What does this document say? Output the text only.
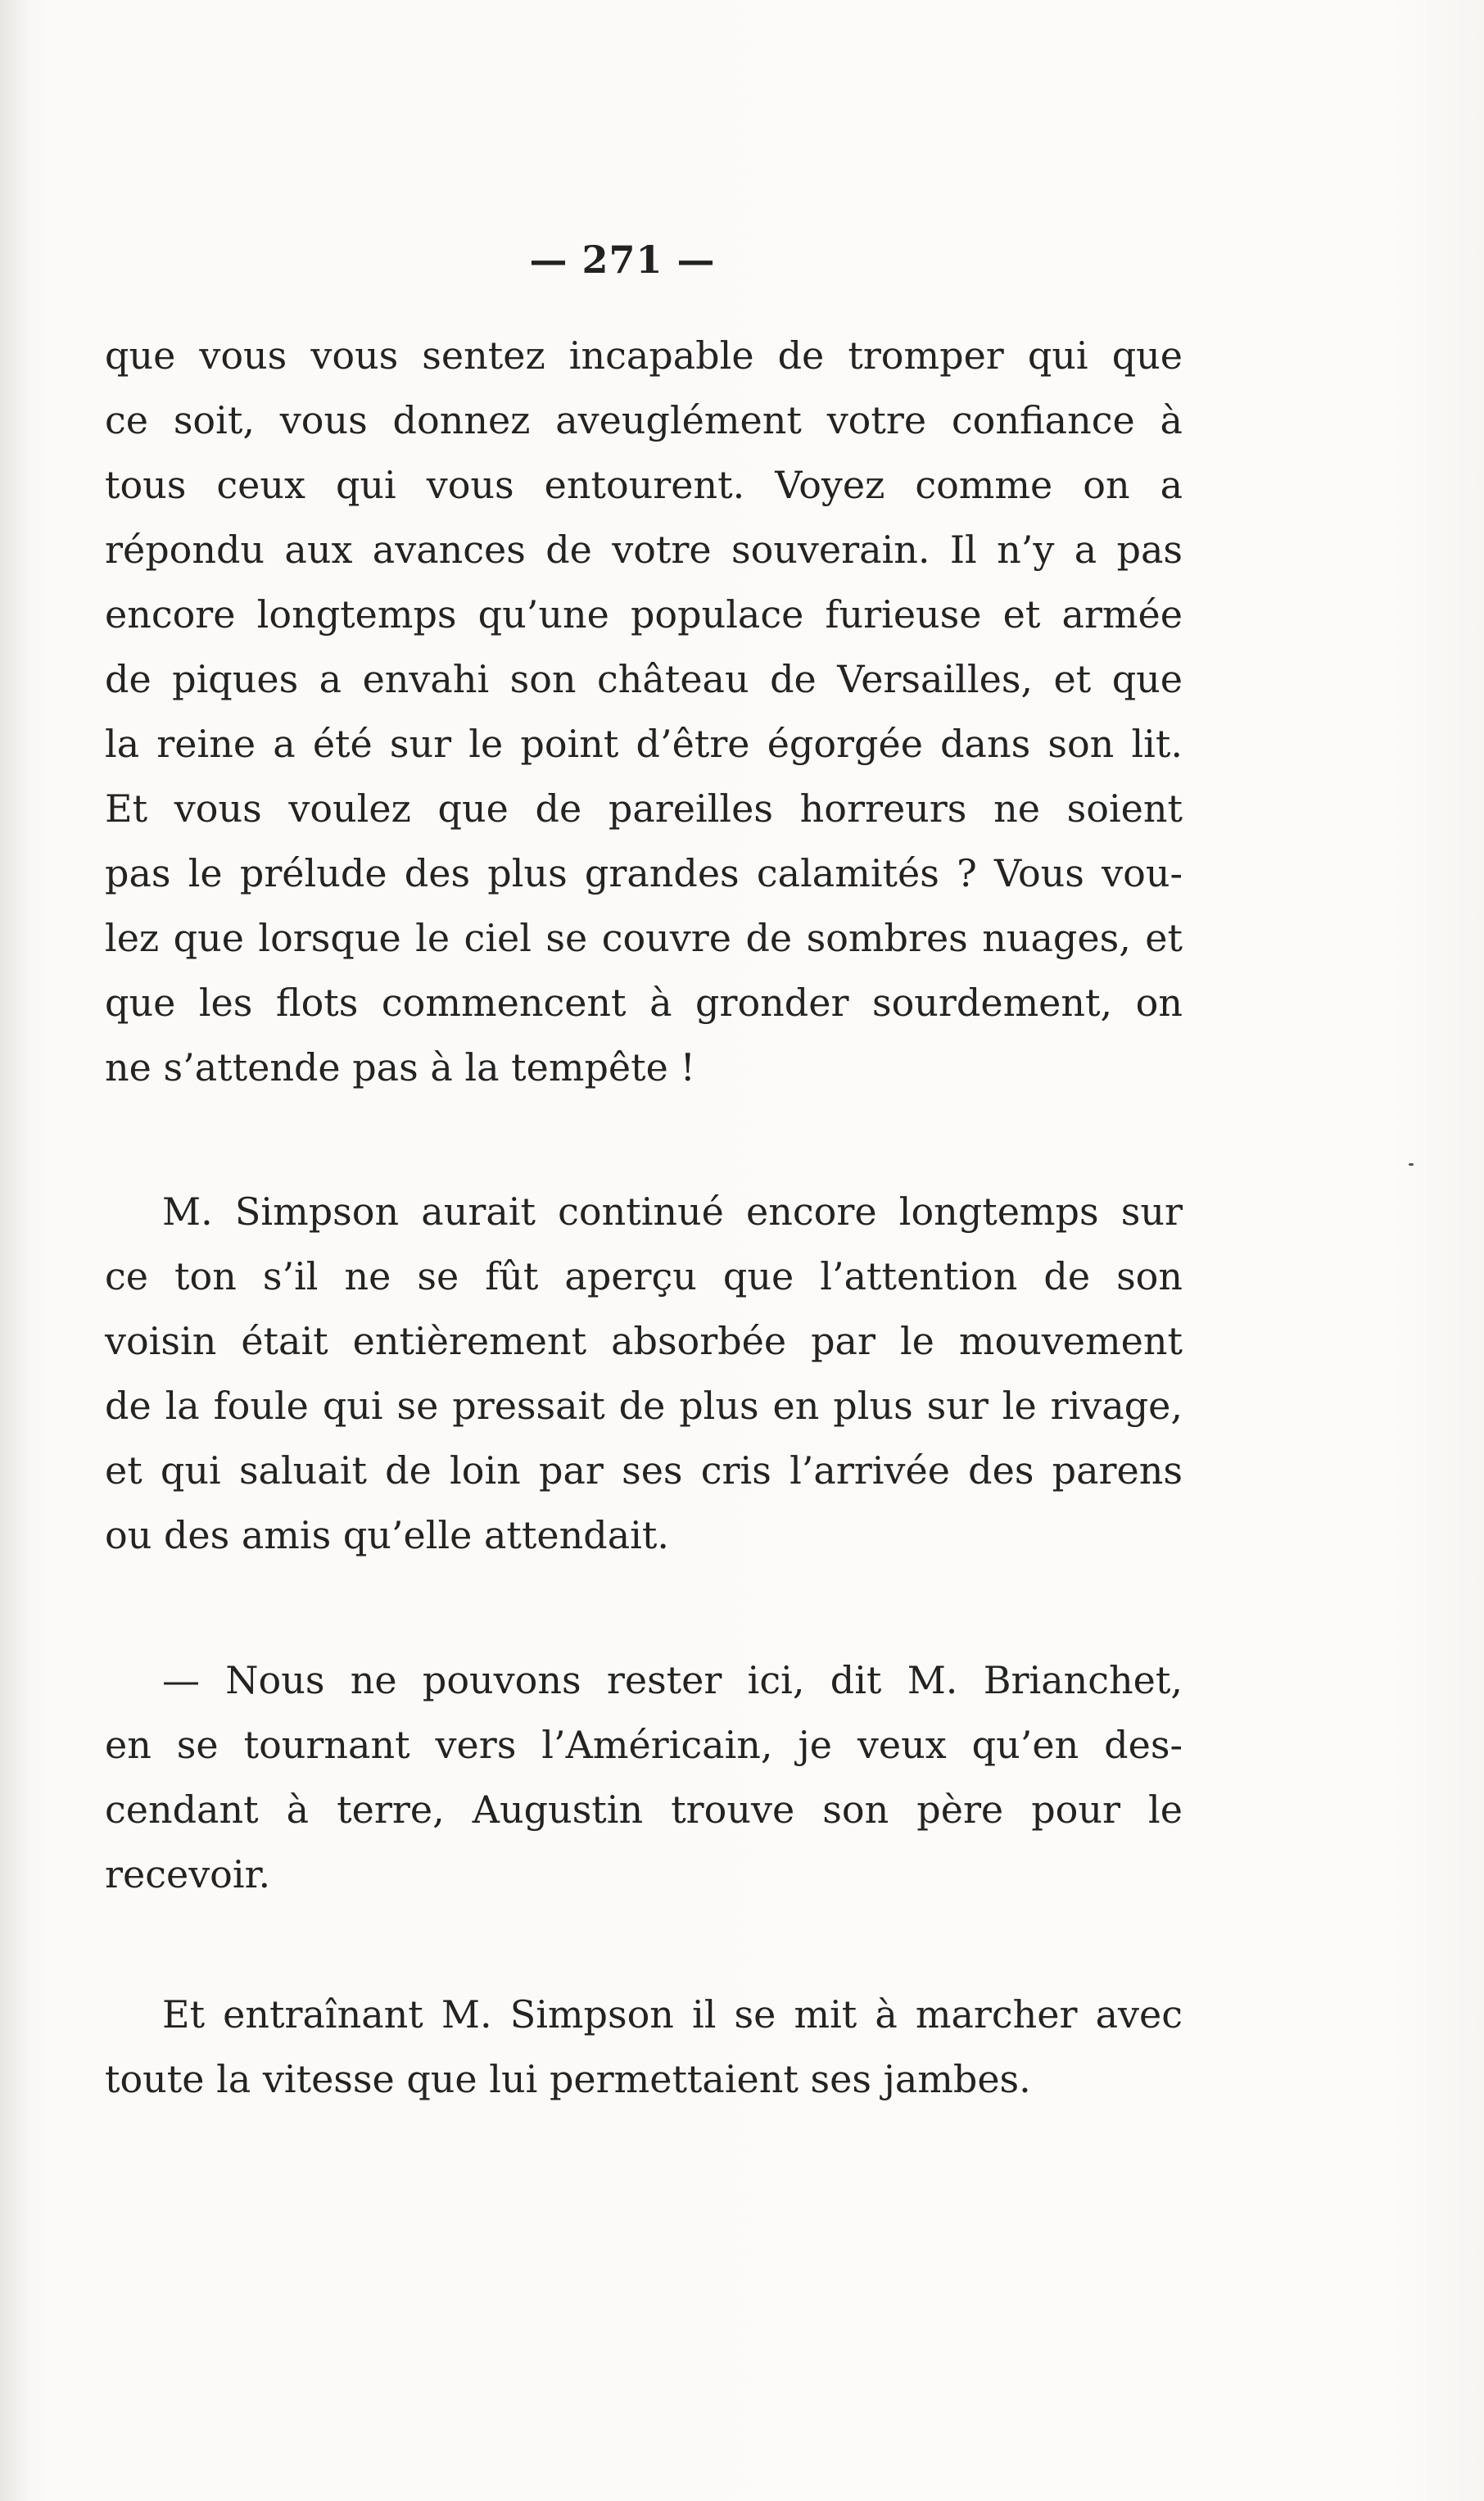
— 271 —
que vous vous sentez incapable de tromper qui que
ce soit, vous donnez aveuglément votre confiance à
tous ceux qui vous entourent. Voyez comme on a
répondu aux avances de votre souverain. Il n’y a pas
encore longtemps qu’une populace furieuse et armée
de piques a envahi son château de Versailles, et que
la reine a été sur le point d’être égorgée dans son lit.
Et vous voulez que de pareilles horreurs ne soient
pas le prélude des plus grandes calamités ? Vous vou-
lez que lorsque le ciel se couvre de sombres nuages, et
que les flots commencent à gronder sourdement, on
ne s’attende pas à la tempête !
M. Simpson aurait continué encore longtemps sur
ce ton s’il ne se fût aperçu que l’attention de son
voisin était entièrement absorbée par le mouvement
de la foule qui se pressait de plus en plus sur le rivage,
et qui saluait de loin par ses cris l’arrivée des parens
ou des amis qu’elle attendait.
— Nous ne pouvons rester ici, dit M. Brianchet,
en se tournant vers l’Américain, je veux qu’en des-
cendant à terre, Augustin trouve son père pour le
recevoir.
Et entraînant M. Simpson il se mit à marcher avec
toute la vitesse que lui permettaient ses jambes.
